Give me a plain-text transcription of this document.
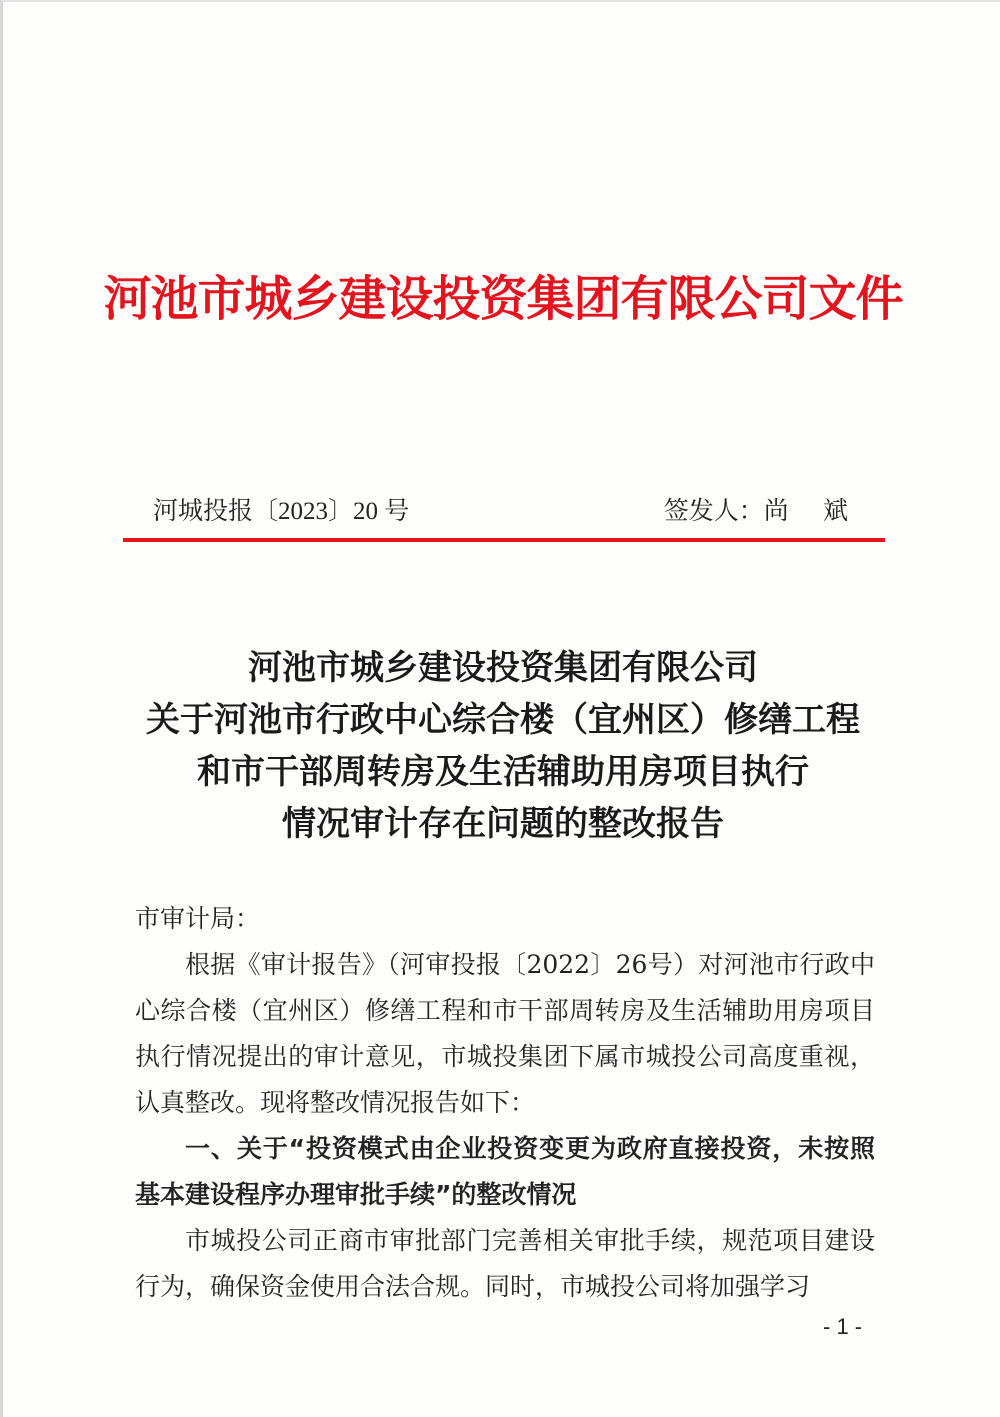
河池市城乡建设投资集团有限公司文件
河城投报〔2023〕20 号	签发人：尚 斌
河池市城乡建设投资集团有限公司
关于河池市行政中心综合楼（宜州区）修缮工程
和市干部周转房及生活辅助用房项目执行
情况审计存在问题的整改报告

市审计局：

根据《审计报告》（河审投报〔2022〕26号）对河池市行政中心综合楼（宜州区）修缮工程和市干部周转房及生活辅助用房项目执行情况提出的审计意见，市城投集团下属市城投公司高度重视，认真整改。现将整改情况报告如下：

一、关于“投资模式由企业投资变更为政府直接投资，未按照基本建设程序办理审批手续”的整改情况

市城投公司正商市审批部门完善相关审批手续，规范项目建设行为，确保资金使用合法合规。同时，市城投公司将加强学习

- 1 -
